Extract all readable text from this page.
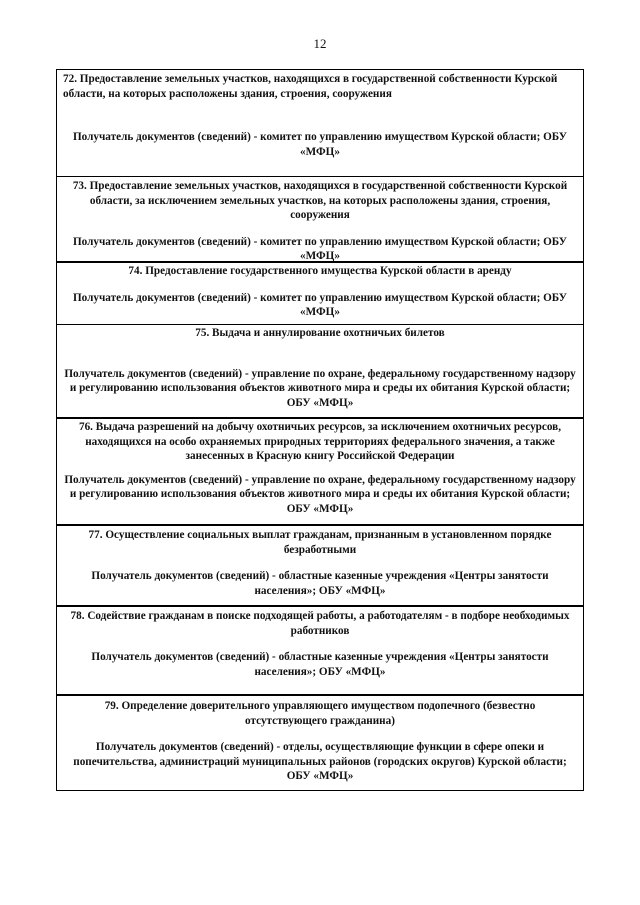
12
72. Предоставление земельных участков, находящихся в государственной собственности Курской области, на которых расположены здания, строения, сооружения
Получатель документов (сведений) - комитет по управлению имуществом Курской области; ОБУ «МФЦ»
73. Предоставление земельных участков, находящихся в государственной собственности Курской области, за исключением земельных участков, на которых расположены здания, строения, сооружения
Получатель документов (сведений) - комитет по управлению имуществом Курской области; ОБУ «МФЦ»
74. Предоставление государственного имущества Курской области в аренду
Получатель документов (сведений) - комитет по управлению имуществом Курской области; ОБУ «МФЦ»
75. Выдача и аннулирование охотничьих билетов
Получатель документов (сведений) - управление по охране, федеральному государственному надзору и регулированию использования объектов животного мира и среды их обитания Курской области; ОБУ «МФЦ»
76. Выдача разрешений на добычу охотничьих ресурсов, за исключением охотничьих ресурсов, находящихся на особо охраняемых природных территориях федерального значения, а также занесенных в Красную книгу Российской Федерации
Получатель документов (сведений) - управление по охране, федеральному государственному надзору и регулированию использования объектов животного мира и среды их обитания Курской области; ОБУ «МФЦ»
77. Осуществление социальных выплат гражданам, признанным в установленном порядке безработными
Получатель документов (сведений) - областные казенные учреждения «Центры занятости населения»; ОБУ «МФЦ»
78. Содействие гражданам в поиске подходящей работы, а работодателям - в подборе необходимых работников
Получатель документов (сведений) - областные казенные учреждения «Центры занятости населения»; ОБУ «МФЦ»
79. Определение доверительного управляющего имуществом подопечного (безвестно отсутствующего гражданина)
Получатель документов (сведений) - отделы, осуществляющие функции в сфере опеки и попечительства, администраций муниципальных районов (городских округов) Курской области; ОБУ «МФЦ»
